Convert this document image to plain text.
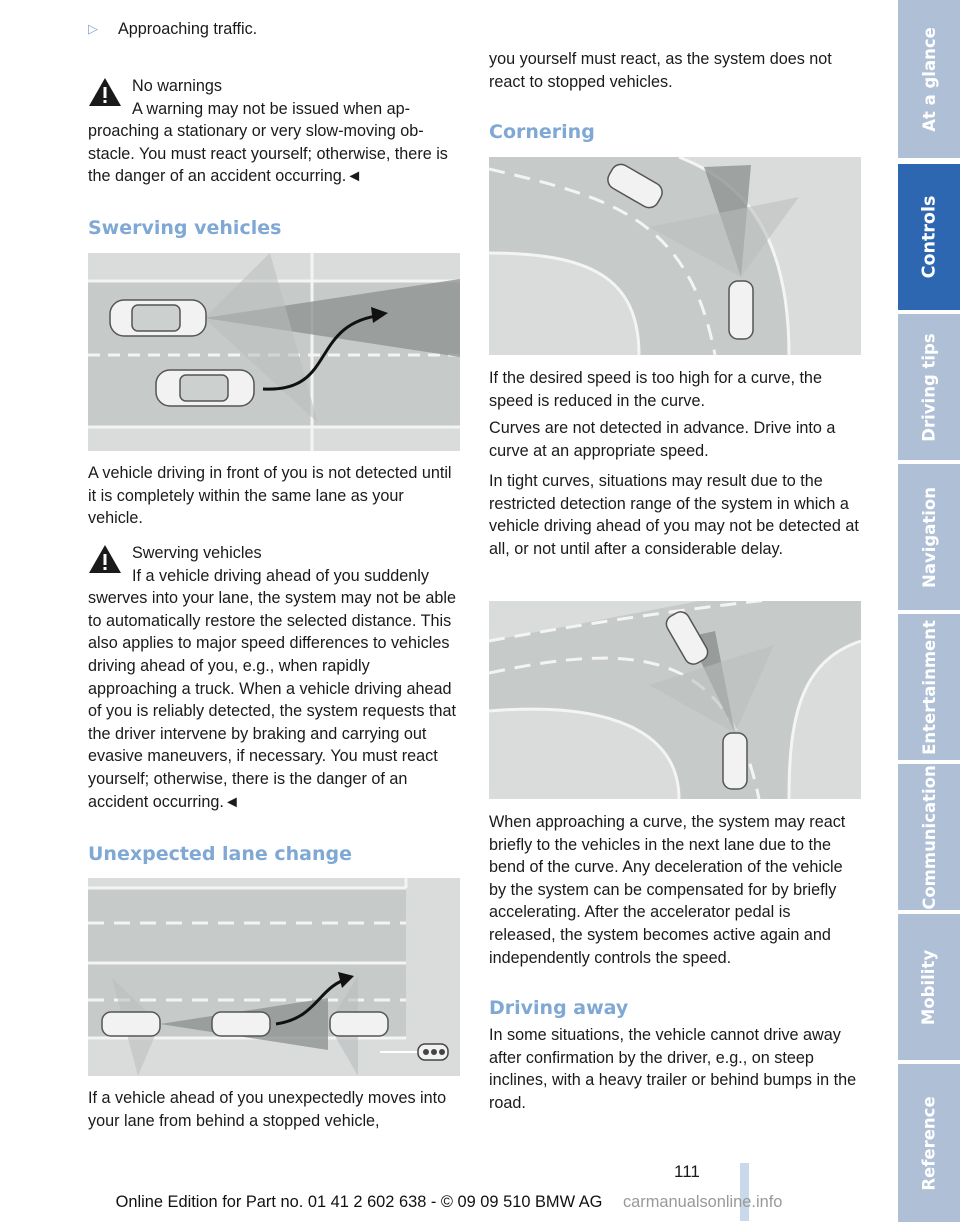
▷ Approaching traffic.

No warnings

A warning may not be issued when ap-

proaching a stationary or very slow-moving obstacle. You must react yourself; otherwise, there is the danger of an accident occurring.◄

Swerving vehicles

A vehicle driving in front of you is not detected until it is completely within the same lane as your vehicle.

Swerving vehicles

If a vehicle driving ahead of you suddenly

swerves into your lane, the system may not be able to automatically restore the selected distance. This also applies to major speed differences to vehicles driving ahead of you, e.g., when rapidly approaching a truck. When a vehicle driving ahead of you is reliably detected, the system requests that the driver intervene by braking and carrying out evasive maneuvers, if necessary. You must react yourself; otherwise, there is the danger of an accident occurring.◄

Unexpected lane change

If a vehicle ahead of you unexpectedly moves into your lane from behind a stopped vehicle,

you yourself must react, as the system does not react to stopped vehicles.

Cornering

If the desired speed is too high for a curve, the speed is reduced in the curve.

Curves are not detected in advance. Drive into a curve at an appropriate speed.

In tight curves, situations may result due to the restricted detection range of the system in which a vehicle driving ahead of you may not be detected at all, or not until after a considerable delay.

When approaching a curve, the system may react briefly to the vehicles in the next lane due to the bend of the curve. Any deceleration of the vehicle by the system can be compensated for by briefly accelerating. After the accelerator pedal is released, the system becomes active again and independently controls the speed.

Driving away

In some situations, the vehicle cannot drive away after confirmation by the driver, e.g., on steep inclines, with a heavy trailer or behind bumps in the road.

At a glance
Controls
Driving tips
Navigation
Entertainment
Communication
Mobility
Reference
111
Online Edition for Part no. 01 41 2 602 638 - © 09 09 510 BMW AG carmanualsonline.info
